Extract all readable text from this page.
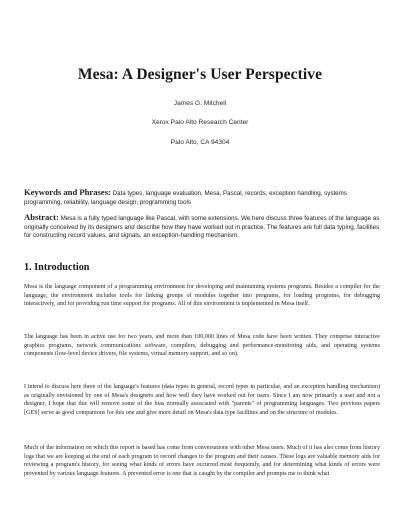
Mesa: A Designer's User Perspective
James G. Mitchell
Xerox Palo Alto Research Center
Palo Alto, CA 94304
Keywords and Phrases: Data types, language evaluation, Mesa, Pascal, records, exception handling, systems programming, reliability, language design, programming tools
Abstract: Mesa is a fully typed language like Pascal, with some extensions. We here discuss three features of the language as originally conceived by its designers and describe how they have worked out in practice. The features are full data typing, facilities for constructing record values, and signals, an exception-handling mechanism.
1. Introduction
Mesa is the language component of a programming environment for developing and maintaining systems programs. Besides a compiler for the language, the environment includes tools for linking groups of modules together into programs, for loading programs, for debugging interactively, and for providing run time support for programs. All of this environment is implemented in Mesa itself.
The language has been in active use for two years, and more than 100,000 lines of Mesa code have been written. They comprise interactive graphics programs, network communications software, compilers, debugging and performance-monitoring aids, and operating systems components (low-level device drivers, file systems, virtual memory support, and so on).
I intend to discuss here three of the language's features (data types in general, record types in particular, and an exception handling mechanism) as originally envisioned by one of Mesa's designers and how well they have worked out for users. Since I am now primarily a user and not a designer, I hope that this will remove some of the bias normally associated with "parents" of programming languages. Two previous papers [GES] serve as good companions for this one and give more detail on Mesa's data type facilities and on the structure of modules.
Much of the information on which this report is based has come from conversations with other Mesa users. Much of it has also come from history logs that we are keeping at the end of each program to record changes to the program and their causes. These logs are valuable memory aids for reviewing a program's history, for seeing what kinds of errors have occurred most frequently, and for determining what kinds of errors were prevented by various language features. A prevented error is one that is caught by the compiler and prompts me to think what
